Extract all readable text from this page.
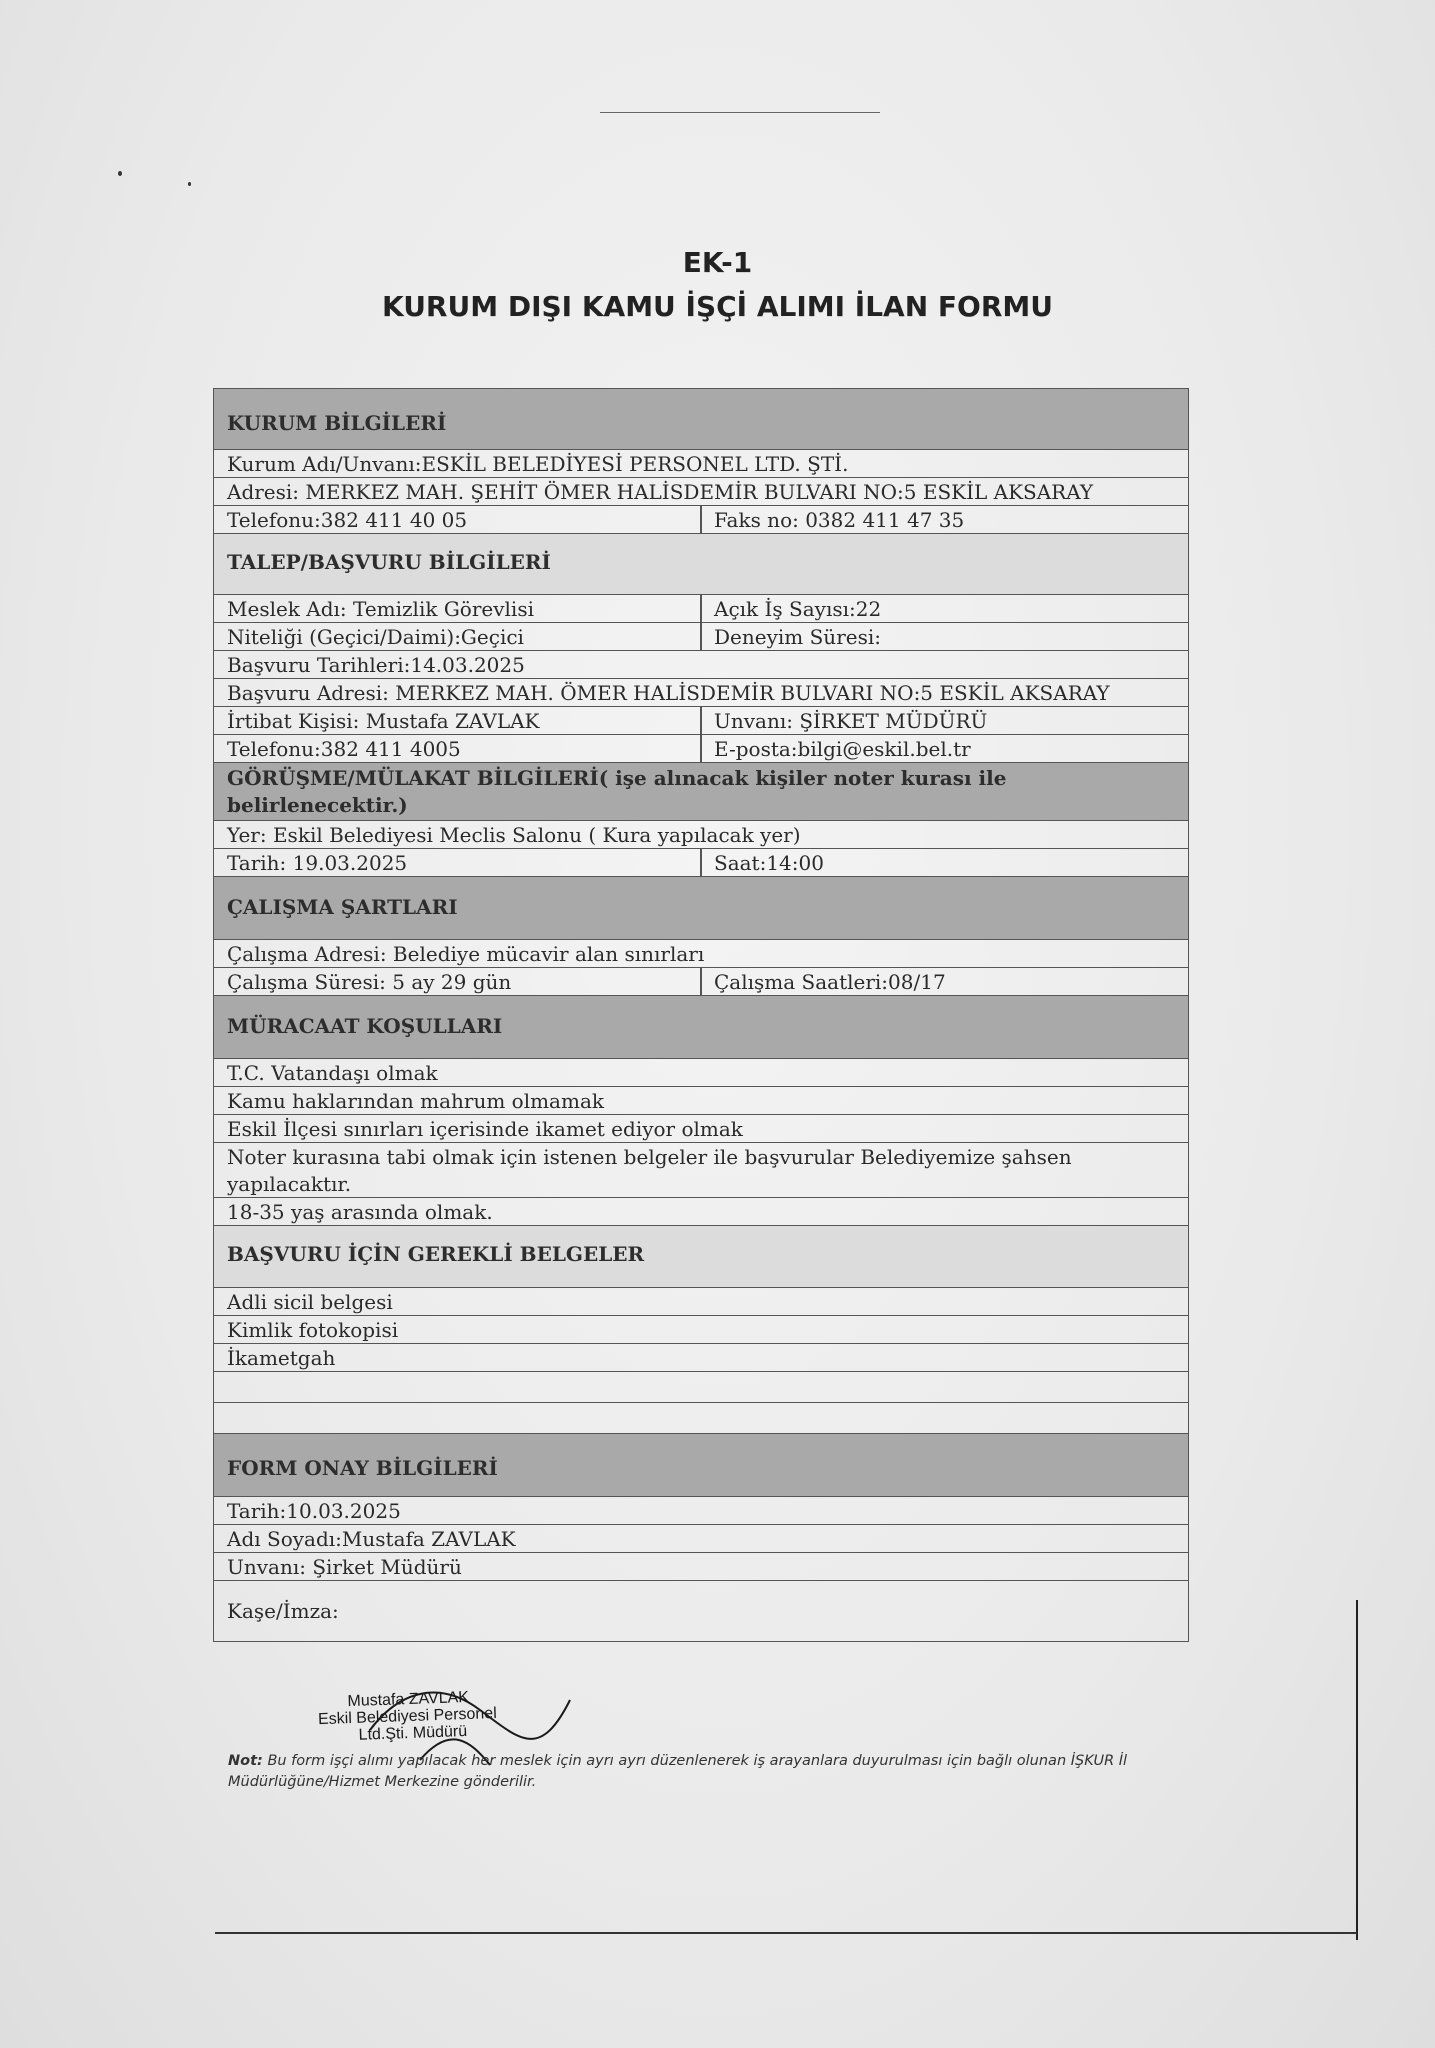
EK-1
KURUM DIŞI KAMU İŞÇİ ALIMI İLAN FORMU
KURUM BİLGİLERİ
Kurum Adı/Unvanı:ESKİL BELEDİYESİ PERSONEL LTD. ŞTİ.
Adresi: MERKEZ MAH. ŞEHİT ÖMER HALİSDEMİR BULVARI NO:5 ESKİL AKSARAY
Telefonu:382 411 40 05	Faks no: 0382 411 47 35
TALEP/BAŞVURU BİLGİLERİ
Meslek Adı: Temizlik Görevlisi	Açık İş Sayısı:22
Niteliği (Geçici/Daimi):Geçici	Deneyim Süresi:
Başvuru Tarihleri:14.03.2025
Başvuru Adresi: MERKEZ MAH. ÖMER HALİSDEMİR BULVARI NO:5 ESKİL AKSARAY
İrtibat Kişisi: Mustafa ZAVLAK	Unvanı: ŞİRKET MÜDÜRÜ
Telefonu:382 411 4005	E-posta:bilgi@eskil.bel.tr
GÖRÜŞME/MÜLAKAT BİLGİLERİ( işe alınacak kişiler noter kurası ile
belirlenecektir.)
Yer: Eskil Belediyesi Meclis Salonu ( Kura yapılacak yer)
Tarih: 19.03.2025	Saat:14:00
ÇALIŞMA ŞARTLARI
Çalışma Adresi: Belediye mücavir alan sınırları
Çalışma Süresi: 5 ay 29 gün	Çalışma Saatleri:08/17
MÜRACAAT KOŞULLARI
T.C. Vatandaşı olmak
Kamu haklarından mahrum olmamak
Eskil İlçesi sınırları içerisinde ikamet ediyor olmak
Noter kurasına tabi olmak için istenen belgeler ile başvurular Belediyemize şahsen
yapılacaktır.
18-35 yaş arasında olmak.
BAŞVURU İÇİN GEREKLİ BELGELER
Adli sicil belgesi
Kimlik fotokopisi
İkametgah
FORM ONAY BİLGİLERİ
Tarih:10.03.2025
Adı Soyadı:Mustafa ZAVLAK
Unvanı: Şirket Müdürü
Kaşe/İmza:
Mustafa ZAVLAK
Eskil Belediyesi Personel
Ltd.Şti. Müdürü
Not: Bu form işçi alımı yapılacak her meslek için ayrı ayrı düzenlenerek iş arayanlara duyurulması için bağlı olunan İŞKUR İl Müdürlüğüne/Hizmet Merkezine gönderilir.
